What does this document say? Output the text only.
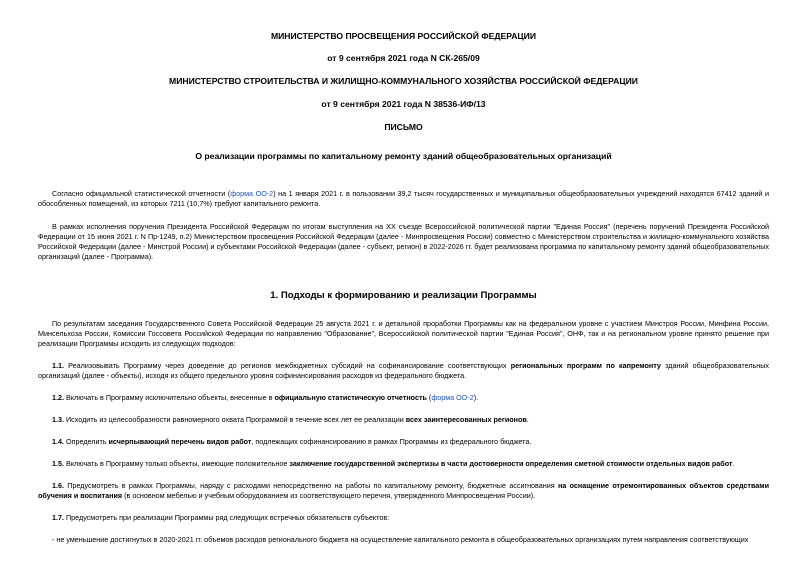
МИНИСТЕРСТВО ПРОСВЕЩЕНИЯ РОССИЙСКОЙ ФЕДЕРАЦИИ
от 9 сентября 2021 года N СК-265/09
МИНИСТЕРСТВО СТРОИТЕЛЬСТВА И ЖИЛИЩНО-КОММУНАЛЬНОГО ХОЗЯЙСТВА РОССИЙСКОЙ ФЕДЕРАЦИИ
от 9 сентября 2021 года N 38536-ИФ/13
ПИСЬМО
О реализации программы по капитальному ремонту зданий общеобразовательных организаций

Согласно официальной статистической отчетности (форма ОО-2) на 1 января 2021 г. в пользовании 39,2 тысяч государственных и муниципальных общеобразовательных учреждений находятся 67412 зданий и обособленных помещений, из которых 7211 (10,7%) требуют капитального ремонта.

В рамках исполнения поручения Президента Российской Федерации по итогам выступления на XX съезде Всероссийской политической партии "Единая Россия" (перечень поручений Президента Российской Федерации от 15 июня 2021 г. N Пр-1249, п.2) Министерством просвещения Российской Федерации (далее - Минпросвещения России) совместно с Министерством строительства и жилищно-коммунального хозяйства Российской Федерации (далее - Минстрой России) и субъектами Российской Федерации (далее - субъект, регион) в 2022-2026 гг. будет реализована программа по капитальному ремонту зданий общеобразовательных организаций (далее - Программа).

1. Подходы к формированию и реализации Программы

По результатам заседания Государственного Совета Российской Федерации 25 августа 2021 г. и детальной проработки Программы как на федеральном уровне с участием Минстроя России, Минфина России, Минсельхоза России, Комиссии Госсовета Российской Федерации по направлению "Образование", Всероссийской политической партии "Единая Россия", ОНФ, так и на региональном уровне принято решение при реализации Программы исходить из следующих подходов:

1.1. Реализовывать Программу через доведение до регионов межбюджетных субсидий на софинансирование соответствующих региональных программ по капремонту зданий общеобразовательных организаций (далее - объекты), исходя из общего предельного уровня софинансирования расходов из федерального бюджета.

1.2. Включать в Программу исключительно объекты, внесенные в официальную статистическую отчетность (форма ОО-2).

1.3. Исходить из целесообразности равномерного охвата Программой в течение всех лет ее реализации всех заинтересованных регионов.

1.4. Определить исчерпывающий перечень видов работ, подлежащих софинансированию в рамках Программы из федерального бюджета.

1.5. Включать в Программу только объекты, имеющие положительное заключение государственной экспертизы в части достоверности определения сметной стоимости отдельных видов работ.

1.6. Предусмотреть в рамках Программы, наряду с расходами непосредственно на работы по капитальному ремонту, бюджетные ассигнования на оснащение отремонтированных объектов средствами обучения и воспитания (в основном мебелью и учебным оборудованием из соответствующего перечня, утвержденного Минпросвещения России).

1.7. Предусмотреть при реализации Программы ряд следующих встречных обязательств субъектов:

- не уменьшение достигнутых в 2020-2021 гг. объемов расходов регионального бюджета на осуществление капитального ремонта в общеобразовательных организациях путем направления соответствующих
